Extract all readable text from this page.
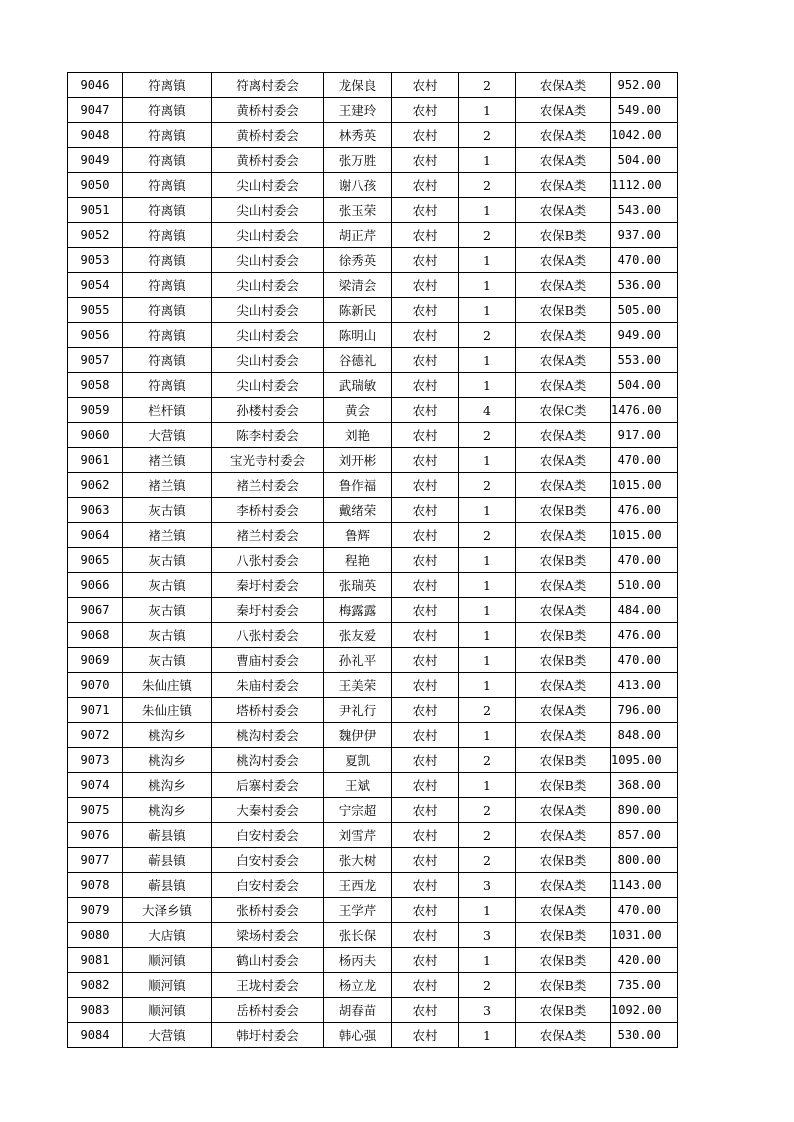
9046	符离镇	符离村委会	龙保良	农村	2	农保A类	952.00
9047	符离镇	黄桥村委会	王建玲	农村	1	农保A类	549.00
9048	符离镇	黄桥村委会	林秀英	农村	2	农保A类	1042.00
9049	符离镇	黄桥村委会	张万胜	农村	1	农保A类	504.00
9050	符离镇	尖山村委会	谢八孩	农村	2	农保A类	1112.00
9051	符离镇	尖山村委会	张玉荣	农村	1	农保A类	543.00
9052	符离镇	尖山村委会	胡正芹	农村	2	农保B类	937.00
9053	符离镇	尖山村委会	徐秀英	农村	1	农保A类	470.00
9054	符离镇	尖山村委会	梁清会	农村	1	农保A类	536.00
9055	符离镇	尖山村委会	陈新民	农村	1	农保B类	505.00
9056	符离镇	尖山村委会	陈明山	农村	2	农保A类	949.00
9057	符离镇	尖山村委会	谷德礼	农村	1	农保A类	553.00
9058	符离镇	尖山村委会	武瑞敏	农村	1	农保A类	504.00
9059	栏杆镇	孙楼村委会	黄会	农村	4	农保C类	1476.00
9060	大营镇	陈李村委会	刘艳	农村	2	农保A类	917.00
9061	褚兰镇	宝光寺村委会	刘开彬	农村	1	农保A类	470.00
9062	褚兰镇	褚兰村委会	鲁作福	农村	2	农保A类	1015.00
9063	灰古镇	李桥村委会	戴绪荣	农村	1	农保B类	476.00
9064	褚兰镇	褚兰村委会	鲁辉	农村	2	农保A类	1015.00
9065	灰古镇	八张村委会	程艳	农村	1	农保B类	470.00
9066	灰古镇	秦圩村委会	张瑞英	农村	1	农保A类	510.00
9067	灰古镇	秦圩村委会	梅露露	农村	1	农保A类	484.00
9068	灰古镇	八张村委会	张友爱	农村	1	农保B类	476.00
9069	灰古镇	曹庙村委会	孙礼平	农村	1	农保B类	470.00
9070	朱仙庄镇	朱庙村委会	王美荣	农村	1	农保A类	413.00
9071	朱仙庄镇	塔桥村委会	尹礼行	农村	2	农保A类	796.00
9072	桃沟乡	桃沟村委会	魏伊伊	农村	1	农保A类	848.00
9073	桃沟乡	桃沟村委会	夏凯	农村	2	农保B类	1095.00
9074	桃沟乡	后寨村委会	王斌	农村	1	农保B类	368.00
9075	桃沟乡	大秦村委会	宁宗超	农村	2	农保A类	890.00
9076	蕲县镇	白安村委会	刘雪芹	农村	2	农保A类	857.00
9077	蕲县镇	白安村委会	张大树	农村	2	农保B类	800.00
9078	蕲县镇	白安村委会	王西龙	农村	3	农保A类	1143.00
9079	大泽乡镇	张桥村委会	王学芹	农村	1	农保A类	470.00
9080	大店镇	梁场村委会	张长保	农村	3	农保B类	1031.00
9081	顺河镇	鹤山村委会	杨丙夫	农村	1	农保B类	420.00
9082	顺河镇	王垅村委会	杨立龙	农村	2	农保B类	735.00
9083	顺河镇	岳桥村委会	胡春苗	农村	3	农保B类	1092.00
9084	大营镇	韩圩村委会	韩心强	农村	1	农保A类	530.00
